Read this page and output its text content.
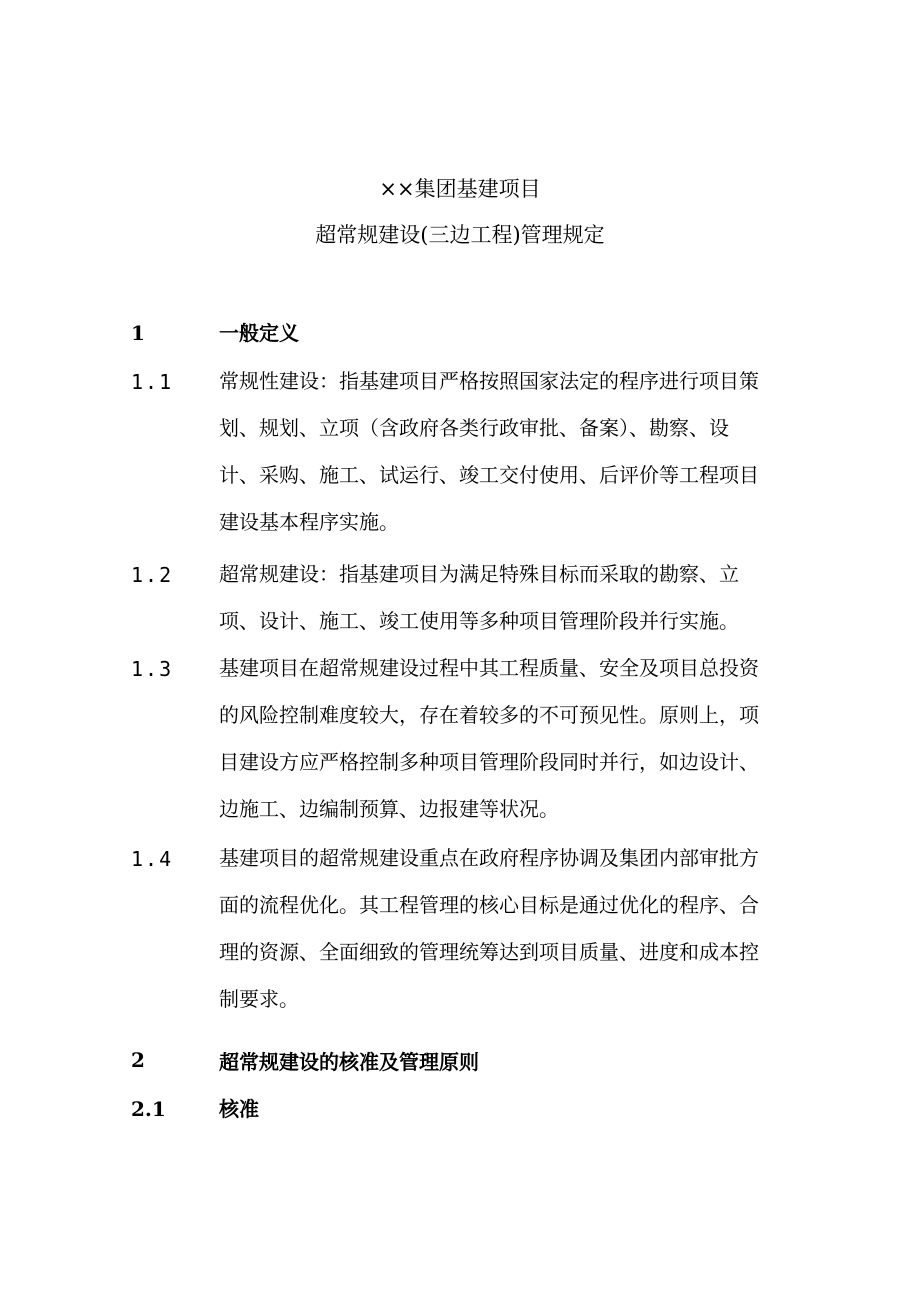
××集团基建项目
超常规建设(三边工程)管理规定
1	一般定义
1.1 常规性建设：指基建项目严格按照国家法定的程序进行项目策
划、规划、立项（含政府各类行政审批、备案）、勘察、设
计、采购、施工、试运行、竣工交付使用、后评价等工程项目
建设基本程序实施。
1.2 超常规建设：指基建项目为满足特殊目标而采取的勘察、立
项、设计、施工、竣工使用等多种项目管理阶段并行实施。
1.3 基建项目在超常规建设过程中其工程质量、安全及项目总投资
的风险控制难度较大，存在着较多的不可预见性。原则上，项
目建设方应严格控制多种项目管理阶段同时并行，如边设计、
边施工、边编制预算、边报建等状况。
1.4 基建项目的超常规建设重点在政府程序协调及集团内部审批方
面的流程优化。其工程管理的核心目标是通过优化的程序、合
理的资源、全面细致的管理统筹达到项目质量、进度和成本控
制要求。
2	超常规建设的核准及管理原则
2.1	核准
